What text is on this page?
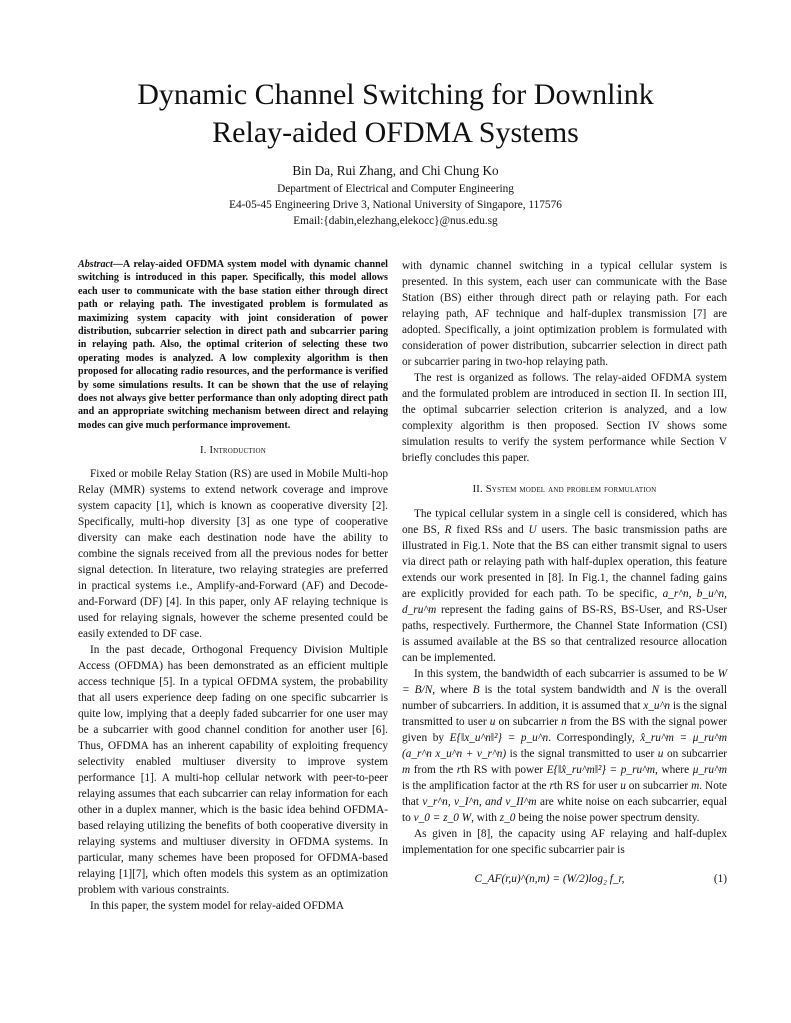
Dynamic Channel Switching for Downlink
Relay-aided OFDMA Systems
Bin Da, Rui Zhang, and Chi Chung Ko
Department of Electrical and Computer Engineering
E4-05-45 Engineering Drive 3, National University of Singapore, 117576
Email:{dabin,elezhang,elekocc}@nus.edu.sg

Abstract—A relay-aided OFDMA system model with dynamic channel switching is introduced in this paper. Specifically, this model allows each user to communicate with the base station either through direct path or relaying path. The investigated problem is formulated as maximizing system capacity with joint consideration of power distribution, subcarrier selection in direct path and subcarrier paring in relaying path. Also, the optimal criterion of selecting these two operating modes is analyzed. A low complexity algorithm is then proposed for allocating radio resources, and the performance is verified by some simulations results. It can be shown that the use of relaying does not always give better performance than only adopting direct path and an appropriate switching mechanism between direct and relaying modes can give much performance improvement.

I. Introduction

Fixed or mobile Relay Station (RS) are used in Mobile Multi-hop Relay (MMR) systems to extend network coverage and improve system capacity [1], which is known as cooperative diversity [2]. Specifically, multi-hop diversity [3] as one type of cooperative diversity can make each destination node have the ability to combine the signals received from all the previous nodes for better signal detection. In literature, two relaying strategies are preferred in practical systems i.e., Amplify-and-Forward (AF) and Decode-and-Forward (DF) [4]. In this paper, only AF relaying technique is used for relaying signals, however the scheme presented could be easily extended to DF case.

In the past decade, Orthogonal Frequency Division Multiple Access (OFDMA) has been demonstrated as an efficient multiple access technique [5]. In a typical OFDMA system, the probability that all users experience deep fading on one specific subcarrier is quite low, implying that a deeply faded subcarrier for one user may be a subcarrier with good channel condition for another user [6]. Thus, OFDMA has an inherent capability of exploiting frequency selectivity enabled multiuser diversity to improve system performance [1]. A multi-hop cellular network with peer-to-peer relaying assumes that each subcarrier can relay information for each other in a duplex manner, which is the basic idea behind OFDMA-based relaying utilizing the benefits of both cooperative diversity in relaying systems and multiuser diversity in OFDMA systems. In particular, many schemes have been proposed for OFDMA-based relaying [1][7], which often models this system as an optimization problem with various constraints.

In this paper, the system model for relay-aided OFDMA

with dynamic channel switching in a typical cellular system is presented. In this system, each user can communicate with the Base Station (BS) either through direct path or relaying path. For each relaying path, AF technique and half-duplex transmission [7] are adopted. Specifically, a joint optimization problem is formulated with consideration of power distribution, subcarrier selection in direct path or subcarrier paring in two-hop relaying path.

The rest is organized as follows. The relay-aided OFDMA system and the formulated problem are introduced in section II. In section III, the optimal subcarrier selection criterion is analyzed, and a low complexity algorithm is then proposed. Section IV shows some simulation results to verify the system performance while Section V briefly concludes this paper.

II. System model and problem formulation

The typical cellular system in a single cell is considered, which has one BS, R fixed RSs and U users. The basic transmission paths are illustrated in Fig.1. Note that the BS can either transmit signal to users via direct path or relaying path with half-duplex operation, this feature extends our work presented in [8]. In Fig.1, the channel fading gains are explicitly provided for each path. To be specific, a_r^n, b_u^n, d_ru^m represent the fading gains of BS-RS, BS-User, and RS-User paths, respectively. Furthermore, the Channel State Information (CSI) is assumed available at the BS so that centralized resource allocation can be implemented.

In this system, the bandwidth of each subcarrier is assumed to be W = B/N, where B is the total system bandwidth and N is the overall number of subcarriers. In addition, it is assumed that x_u^n is the signal transmitted to user u on subcarrier n from the BS with the signal power given by E{‖x_u^n‖²} = p_u^n. Correspondingly, x̂_ru^m = μ_ru^m (a_r^n x_u^n + v_r^n) is the signal transmitted to user u on subcarrier m from the rth RS with power E{‖x̂_ru^m‖²} = p_ru^m, where μ_ru^m is the amplification factor at the rth RS for user u on subcarrier m. Note that v_r^n, v_I^n, and v_II^m are white noise on each subcarrier, equal to v_0 = z_0 W, with z_0 being the noise power spectrum density.

As given in [8], the capacity using AF relaying and half-duplex implementation for one specific subcarrier pair is

C_AF(r,u)^(n,m) = (W/2)log₂ f_r,	(1)
